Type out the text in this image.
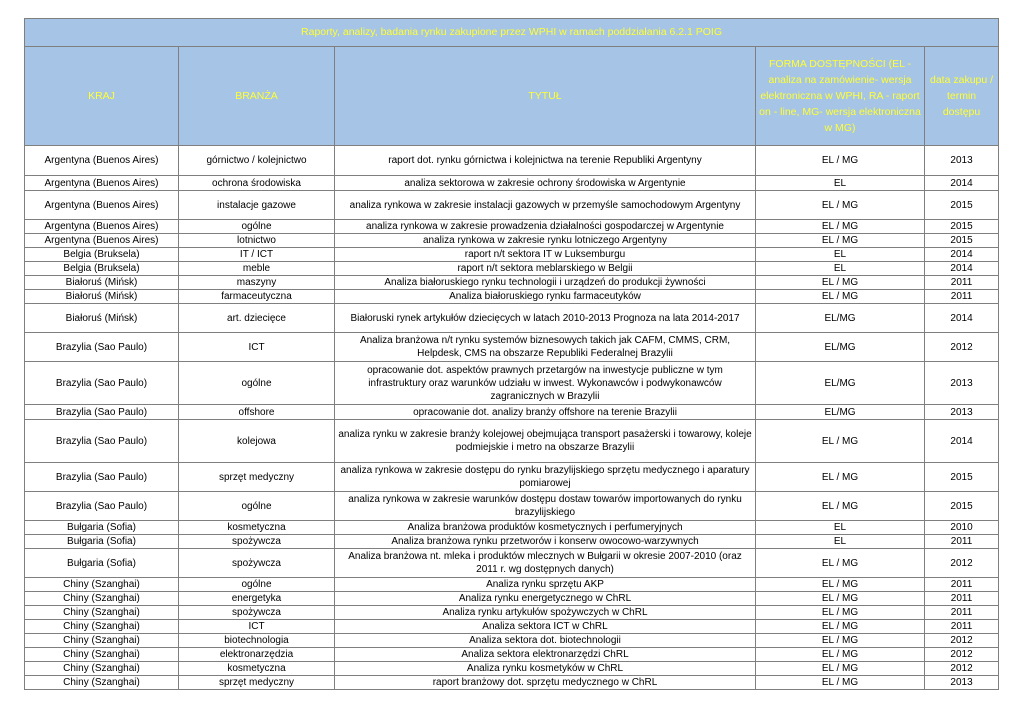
Raporty, analizy, badania rynku zakupione przez WPHI w ramach poddziałania 6.2.1 POIG				
KRAJ	BRANŻA	TYTUŁ	FORMA DOSTĘPNOŚCI (EL - analiza na zamówienie- wersja elektroniczna w WPHI, RA - raport on - line, MG- wersja elektroniczna w MG)	data zakupu / termin dostępu
Argentyna (Buenos Aires)	górnictwo / kolejnictwo	raport dot. rynku górnictwa i kolejnictwa na terenie Republiki Argentyny	EL / MG	2013
Argentyna (Buenos Aires)	ochrona środowiska	analiza sektorowa w zakresie ochrony środowiska w Argentynie	EL	2014
Argentyna (Buenos Aires)	instalacje gazowe	analiza rynkowa w zakresie instalacji gazowych w przemyśle samochodowym Argentyny	EL / MG	2015
Argentyna (Buenos Aires)	ogólne	analiza rynkowa w zakresie prowadzenia działalności gospodarczej w Argentynie	EL / MG	2015
Argentyna (Buenos Aires)	lotnictwo	analiza rynkowa w zakresie rynku lotniczego Argentyny	EL / MG	2015
Belgia (Bruksela)	IT / ICT	raport n/t sektora IT w Luksemburgu	EL	2014
Belgia (Bruksela)	meble	raport n/t sektora meblarskiego w Belgii	EL	2014
Białoruś (Mińsk)	maszyny	Analiza białoruskiego rynku technologii i urządzeń do produkcji żywności	EL / MG	2011
Białoruś (Mińsk)	farmaceutyczna	Analiza białoruskiego rynku farmaceutyków	EL / MG	2011
Białoruś (Mińsk)	art. dziecięce	Białoruski rynek artykułów dziecięcych w latach 2010-2013 Prognoza na lata 2014-2017	EL/MG	2014
Brazylia (Sao Paulo)	ICT	Analiza branżowa n/t rynku systemów biznesowych takich jak CAFM, CMMS, CRM, Helpdesk, CMS na obszarze Republiki Federalnej Brazylii	EL/MG	2012
Brazylia (Sao Paulo)	ogólne	opracowanie dot. aspektów prawnych przetargów na inwestycje publiczne w tym infrastruktury oraz warunków udziału w inwest. Wykonawców i podwykonawców zagranicznych w Brazylii	EL/MG	2013
Brazylia (Sao Paulo)	offshore	opracowanie dot. analizy branży offshore na terenie Brazylii	EL/MG	2013
Brazylia (Sao Paulo)	kolejowa	analiza rynku w zakresie branży kolejowej obejmująca transport pasażerski i towarowy, koleje podmiejskie i metro na obszarze Brazylii	EL / MG	2014
Brazylia (Sao Paulo)	sprzęt medyczny	analiza rynkowa w zakresie dostępu do rynku brazylijskiego sprzętu medycznego i aparatury pomiarowej	EL / MG	2015
Brazylia (Sao Paulo)	ogólne	analiza rynkowa w zakresie warunków dostępu dostaw towarów importowanych do rynku brazylijskiego	EL / MG	2015
Bułgaria (Sofia)	kosmetyczna	Analiza branżowa produktów kosmetycznych i perfumeryjnych	EL	2010
Bułgaria (Sofia)	spożywcza	Analiza branżowa rynku przetworów i konserw owocowo-warzywnych	EL	2011
Bułgaria (Sofia)	spożywcza	Analiza branżowa nt. mleka i produktów mlecznych w Bułgarii w okresie 2007-2010 (oraz 2011 r. wg dostępnych danych)	EL / MG	2012
Chiny (Szanghai)	ogólne	Analiza rynku sprzętu AKP	EL / MG	2011
Chiny (Szanghai)	energetyka	Analiza rynku energetycznego w ChRL	EL / MG	2011
Chiny (Szanghai)	spożywcza	Analiza rynku artykułów spożywczych w ChRL	EL / MG	2011
Chiny (Szanghai)	ICT	Analiza sektora ICT w ChRL	EL / MG	2011
Chiny (Szanghai)	biotechnologia	Analiza sektora dot. biotechnologii	EL / MG	2012
Chiny (Szanghai)	elektronarzędzia	Analiza sektora elektronarzędzi ChRL	EL / MG	2012
Chiny (Szanghai)	kosmetyczna	Analiza rynku kosmetyków w ChRL	EL / MG	2012
Chiny (Szanghai)	sprzęt medyczny	raport branżowy dot. sprzętu medycznego w ChRL	EL / MG	2013
